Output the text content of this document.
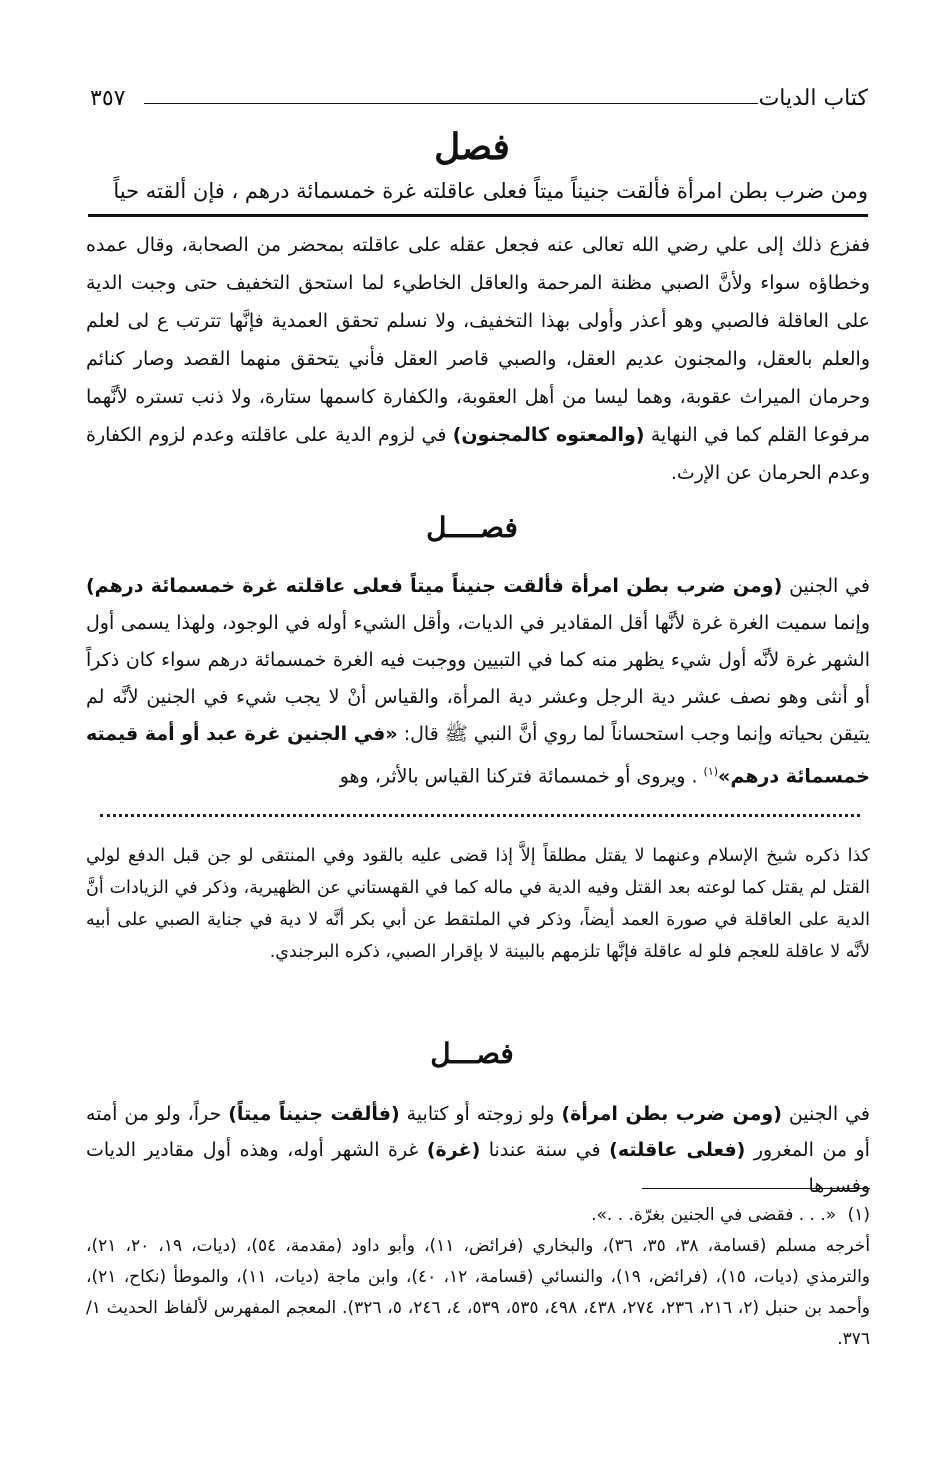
كتاب الديات
٣٥٧
فصل
ومن ضرب بطن امرأة فألقت جنيناً ميتاً فعلى عاقلته غرة خمسمائة درهم ، فإن ألقته حياً
ففزع ذلك إلى علي رضي الله تعالى عنه فجعل عقله على عاقلته بمحضر من الصحابة، وقال عمده وخطاؤه سواء ولأنَّ الصبي مظنة المرحمة والعاقل الخاطيء لما استحق التخفيف حتى وجبت الدية على العاقلة فالصبي وهو أعذر وأولى بهذا التخفيف، ولا نسلم تحقق العمدية فإنَّها تترتب ع لى لعلم والعلم بالعقل، والمجنون عديم العقل، والصبي قاصر العقل فأني يتحقق منهما القصد وصار كنائم وحرمان الميراث عقوبة، وهما ليسا من أهل العقوبة، والكفارة كاسمها ستارة، ولا ذنب تستره لأنَّهما مرفوعا القلم كما في النهاية (والمعتوه كالمجنون) في لزوم الدية على عاقلته وعدم لزوم الكفارة وعدم الحرمان عن الإرث.
فصــــل
في الجنين (ومن ضرب بطن امرأة فألقت جنيناً ميتاً فعلى عاقلته غرة خمسمائة درهم) وإنما سميت الغرة غرة لأنَّها أقل المقادير في الديات، وأقل الشيء أوله في الوجود، ولهذا يسمى أول الشهر غرة لأنَّه أول شيء يظهر منه كما في التبيين ووجبت فيه الغرة خمسمائة درهم سواء كان ذكراً أو أنثى وهو نصف عشر دية الرجل وعشر دية المرأة، والقياس أنْ لا يجب شيء في الجنين لأنَّه لم يتيقن بحياته وإنما وجب استحساناً لما روي أنَّ النبي ﷺ قال: «في الجنين غرة عبد أو أمة قيمته خمسمائة درهم»$^{(١)}$ . ويروى أو خمسمائة فتركنا القياس بالأثر، وهو
كذا ذكره شيخ الإسلام وعنهما لا يقتل مطلقاً إلاَّ إذا قضى عليه بالقود وفي المنتقى لو جن قبل الدفع لولي القتل لم يقتل كما لوعته بعد القتل وفيه الدية في ماله كما في القهستاني عن الظهيرية، وذكر في الزيادات أنَّ الدية على العاقلة في صورة العمد أيضاً، وذكر في الملتقط عن أبي بكر أنَّه لا دية في جناية الصبي على أبيه لأنَّه لا عاقلة للعجم فلو له عاقلة فإنَّها تلزمهم بالبينة لا بإقرار الصبي، ذكره البرجندي.
فصـــل
في الجنين (ومن ضرب بطن امرأة) ولو زوجته أو كتابية (فألقت جنيناً ميتاً) حراً، ولو من أمته أو من المغرور (فعلى عاقلته) في سنة عندنا (غرة) غرة الشهر أوله، وهذه أول مقادير الديات وفسرها
(١) «. . . فقضى في الجنين بغرّة. . .».
أخرجه مسلم (قسامة، ٣٨، ٣٥، ٣٦)، والبخاري (فرائض، ١١)، وأبو داود (مقدمة، ٥٤)، (ديات، ١٩، ٢٠، ٢١)، والترمذي (ديات، ١٥)، (فرائض، ١٩)، والنسائي (قسامة، ١٢، ٤٠)، وابن ماجة (ديات، ١١)، والموطأ (نكاح، ٢١)، وأحمد بن حنبل (٢، ٢١٦، ٢٣٦، ٢٧٤، ٤٣٨، ٤٩٨، ٥٣٥، ٥٣٩، ٤، ٢٤٦، ٥، ٣٢٦). المعجم المفهرس لألفاظ الحديث ١/ ٣٧٦.
